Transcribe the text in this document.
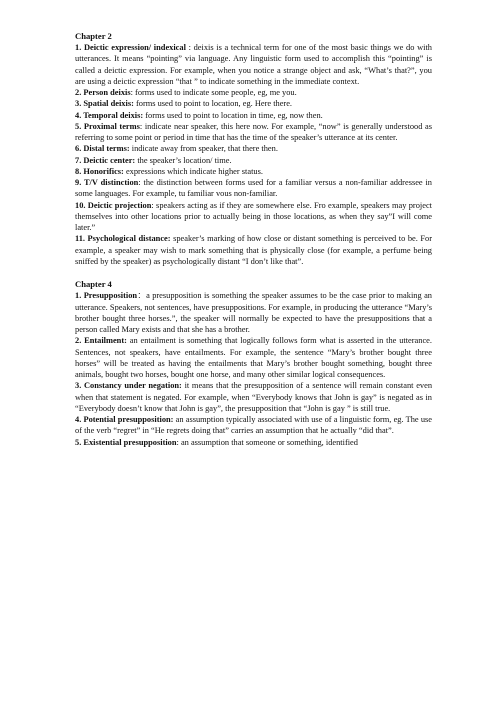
Chapter 2

1. Deictic expression/ indexical : deixis is a technical term for one of the most basic things we do with utterances. It means “pointing” via language. Any linguistic form used to accomplish this “pointing” is called a deictic expression. For example, when you notice a strange object and ask, “What’s that?”, you are using a deictic expression “that ” to indicate something in the immediate context.

2. Person deixis: forms used to indicate some people, eg, me you.

3. Spatial deixis: forms used to point to location, eg. Here there.

4. Temporal deixis: forms used to point to location in time, eg, now then.

5. Proximal terms: indicate near speaker, this here now. For example, “now” is generally understood as referring to some point or period in time that has the time of the speaker’s utterance at its center.

6. Distal terms: indicate away from speaker, that there then.

7. Deictic center: the speaker’s location/ time.

8. Honorifics: expressions which indicate higher status.

9. T/V distinction: the distinction between forms used for a familiar versus a non-familiar addressee in some languages. For example, tu familiar vous non-familiar.

10. Deictic projection: speakers acting as if they are somewhere else. Fro example, speakers may project themselves into other locations prior to actually being in those locations, as when they say”I will come later.”

11. Psychological distance: speaker’s marking of how close or distant something is perceived to be. For example, a speaker may wish to mark something that is physically close (for example, a perfume being sniffed by the speaker) as psychologically distant “I don’t like that”.

Chapter 4

1. Presupposition：a presupposition is something the speaker assumes to be the case prior to making an utterance. Speakers, not sentences, have presuppositions. For example, in producing the utterance “Mary’s brother bought three horses.”, the speaker will normally be expected to have the presuppositions that a person called Mary exists and that she has a brother.

2. Entailment: an entailment is something that logically follows form what is asserted in the utterance. Sentences, not speakers, have entailments. For example, the sentence “Mary’s brother bought three horses” will be treated as having the entailments that Mary’s brother bought something, bought three animals, bought two horses, bought one horse, and many other similar logical consequences.

3. Constancy under negation: it means that the presupposition of a sentence will remain constant even when that statement is negated. For example, when “Everybody knows that John is gay” is negated as in “Everybody doesn’t know that John is gay”, the presupposition that “John is gay ” is still true.

4. Potential presupposition: an assumption typically associated with use of a linguistic form, eg. The use of the verb “regret” in “He regrets doing that” carries an assumption that he actually “did that”.

5. Existential presupposition: an assumption that someone or something, identified
